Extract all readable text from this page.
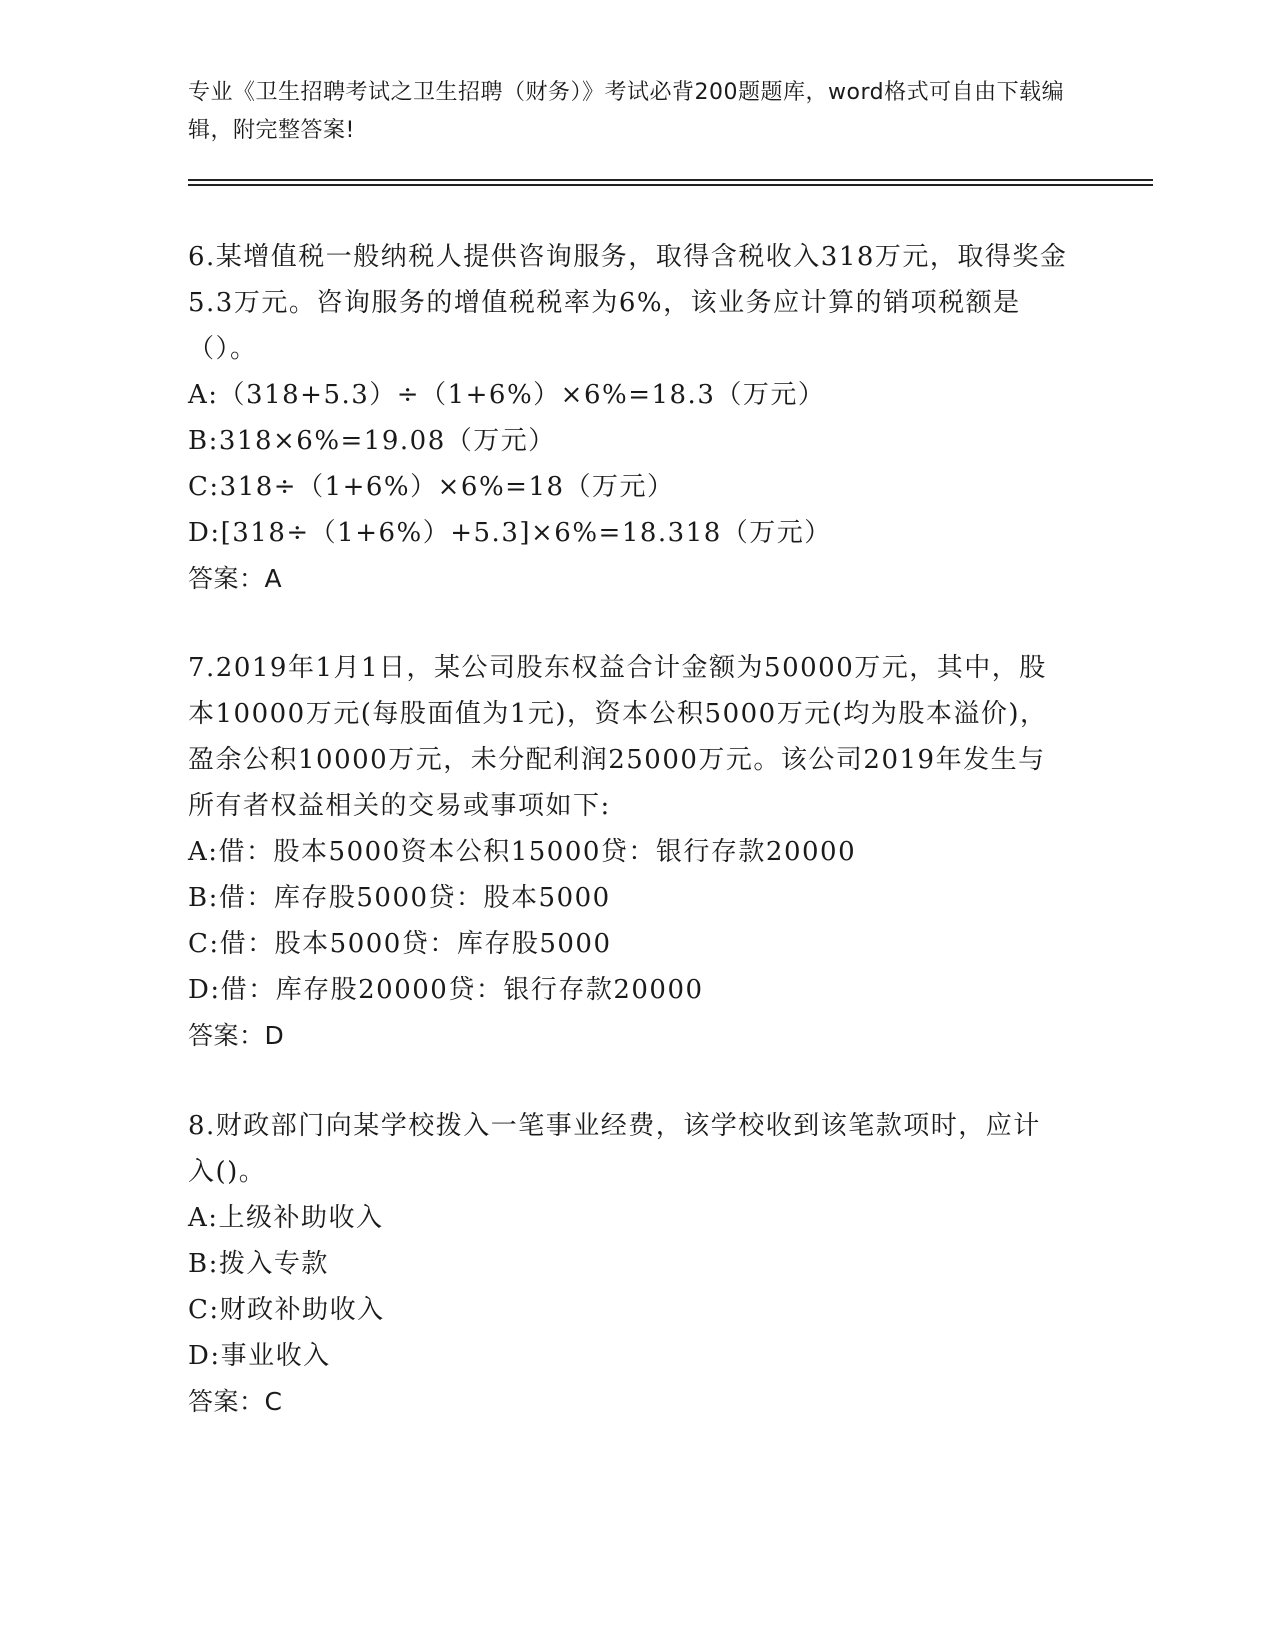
专业《卫生招聘考试之卫生招聘（财务）》考试必背200题题库，word格式可自由下载编辑，附完整答案!
6.某增值税一般纳税人提供咨询服务，取得含税收入318万元，取得奖金5.3万元。咨询服务的增值税税率为6%，该业务应计算的销项税额是（）。
A:（318+5.3）÷（1+6%）×6%=18.3（万元）
B:318×6%=19.08（万元）
C:318÷（1+6%）×6%=18（万元）
D:[318÷（1+6%）+5.3]×6%=18.318（万元）
答案：A
7.2019年1月1日，某公司股东权益合计金额为50000万元，其中，股本10000万元(每股面值为1元)，资本公积5000万元(均为股本溢价)，盈余公积10000万元，未分配利润25000万元。该公司2019年发生与所有者权益相关的交易或事项如下:
A:借：股本5000资本公积15000贷：银行存款20000
B:借：库存股5000贷：股本5000
C:借：股本5000贷：库存股5000
D:借：库存股20000贷：银行存款20000
答案：D
8.财政部门向某学校拨入一笔事业经费，该学校收到该笔款项时，应计入()。
A:上级补助收入
B:拨入专款
C:财政补助收入
D:事业收入
答案：C
